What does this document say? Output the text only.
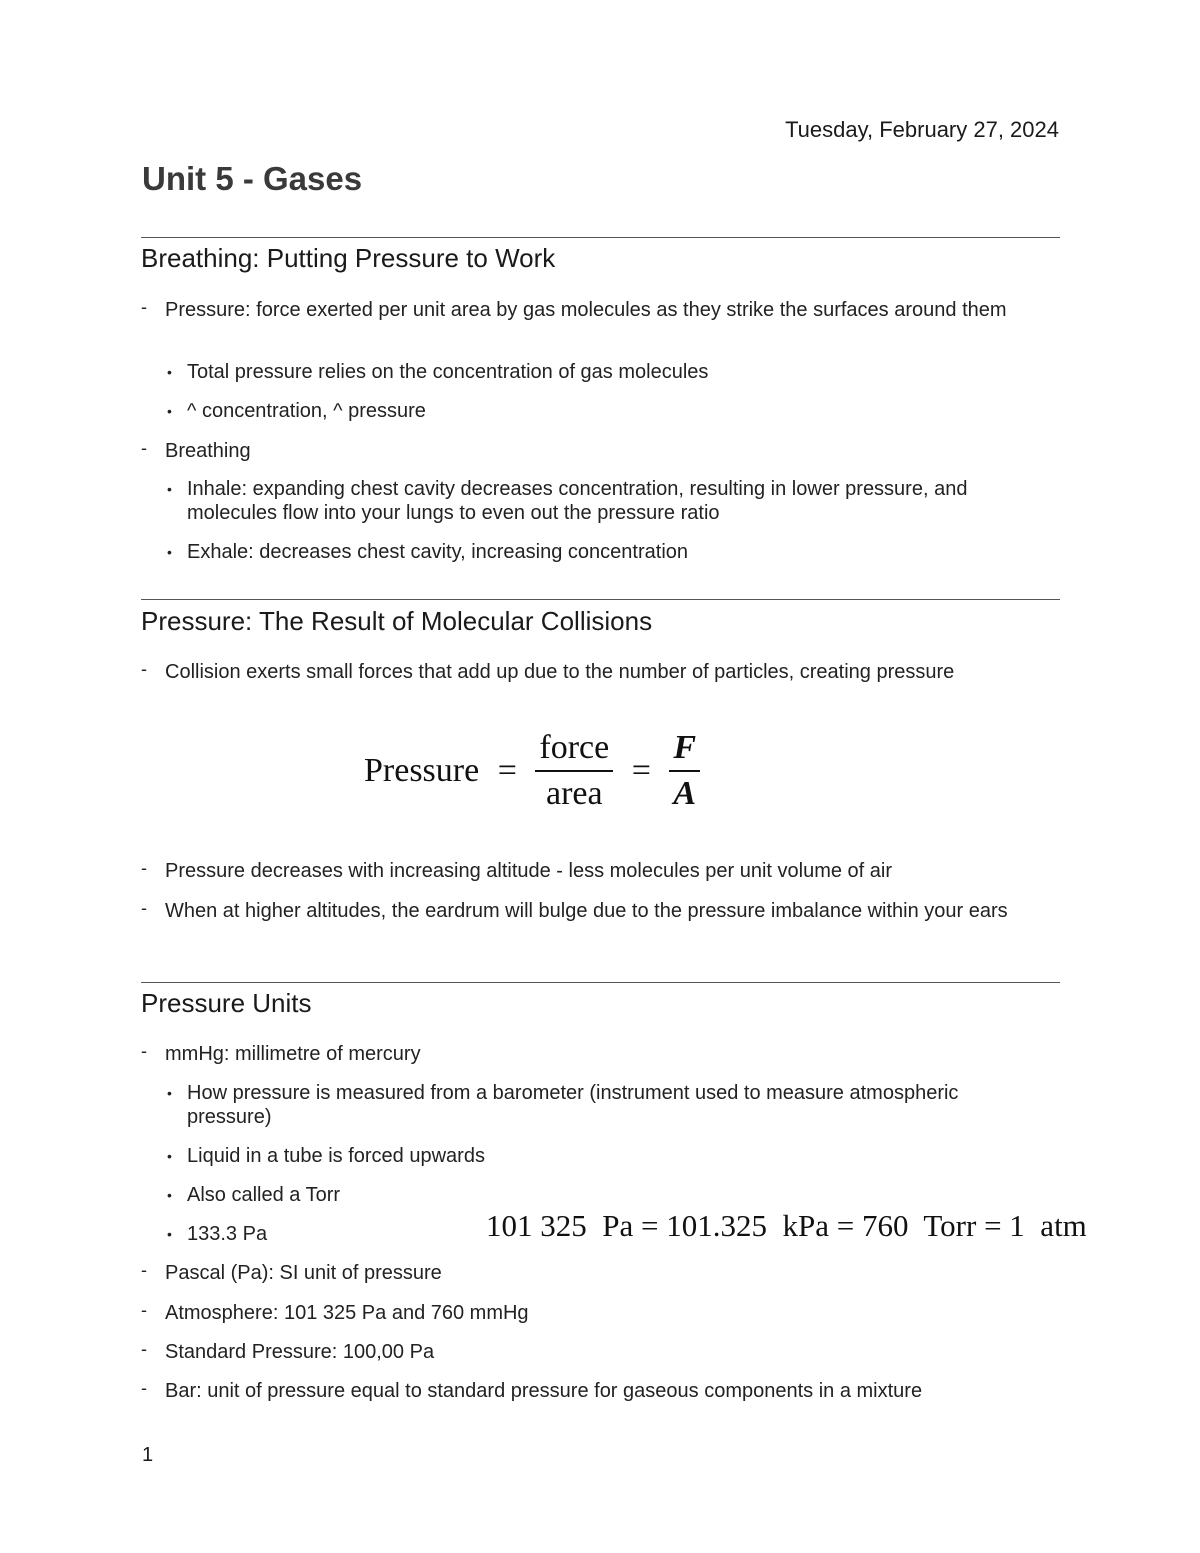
Tuesday, February 27, 2024
Unit 5 - Gases
Breathing: Putting Pressure to Work
- Pressure: force exerted per unit area by gas molecules as they strike the surfaces around them
• Total pressure relies on the concentration of gas molecules
• ^ concentration, ^ pressure
- Breathing
• Inhale: expanding chest cavity decreases concentration, resulting in lower pressure, and molecules flow into your lungs to even out the pressure ratio
• Exhale: decreases chest cavity, increasing concentration
Pressure: The Result of Molecular Collisions
- Collision exerts small forces that add up due to the number of particles, creating pressure
Pressure = $\frac{\text{force}}{\text{area}} = \frac{F}{A}$
- Pressure decreases with increasing altitude - less molecules per unit volume of air
- When at higher altitudes, the eardrum will bulge due to the pressure imbalance within your ears
Pressure Units
- mmHg: millimetre of mercury
• How pressure is measured from a barometer (instrument used to measure atmospheric pressure)
• Liquid in a tube is forced upwards
• Also called a Torr
• 133.3 Pa	101 325  Pa = 101.325  kPa = 760  Torr = 1  atm
- Pascal (Pa): SI unit of pressure
- Atmosphere: 101 325 Pa and 760 mmHg
- Standard Pressure: 100,00 Pa
- Bar: unit of pressure equal to standard pressure for gaseous components in a mixture
1
